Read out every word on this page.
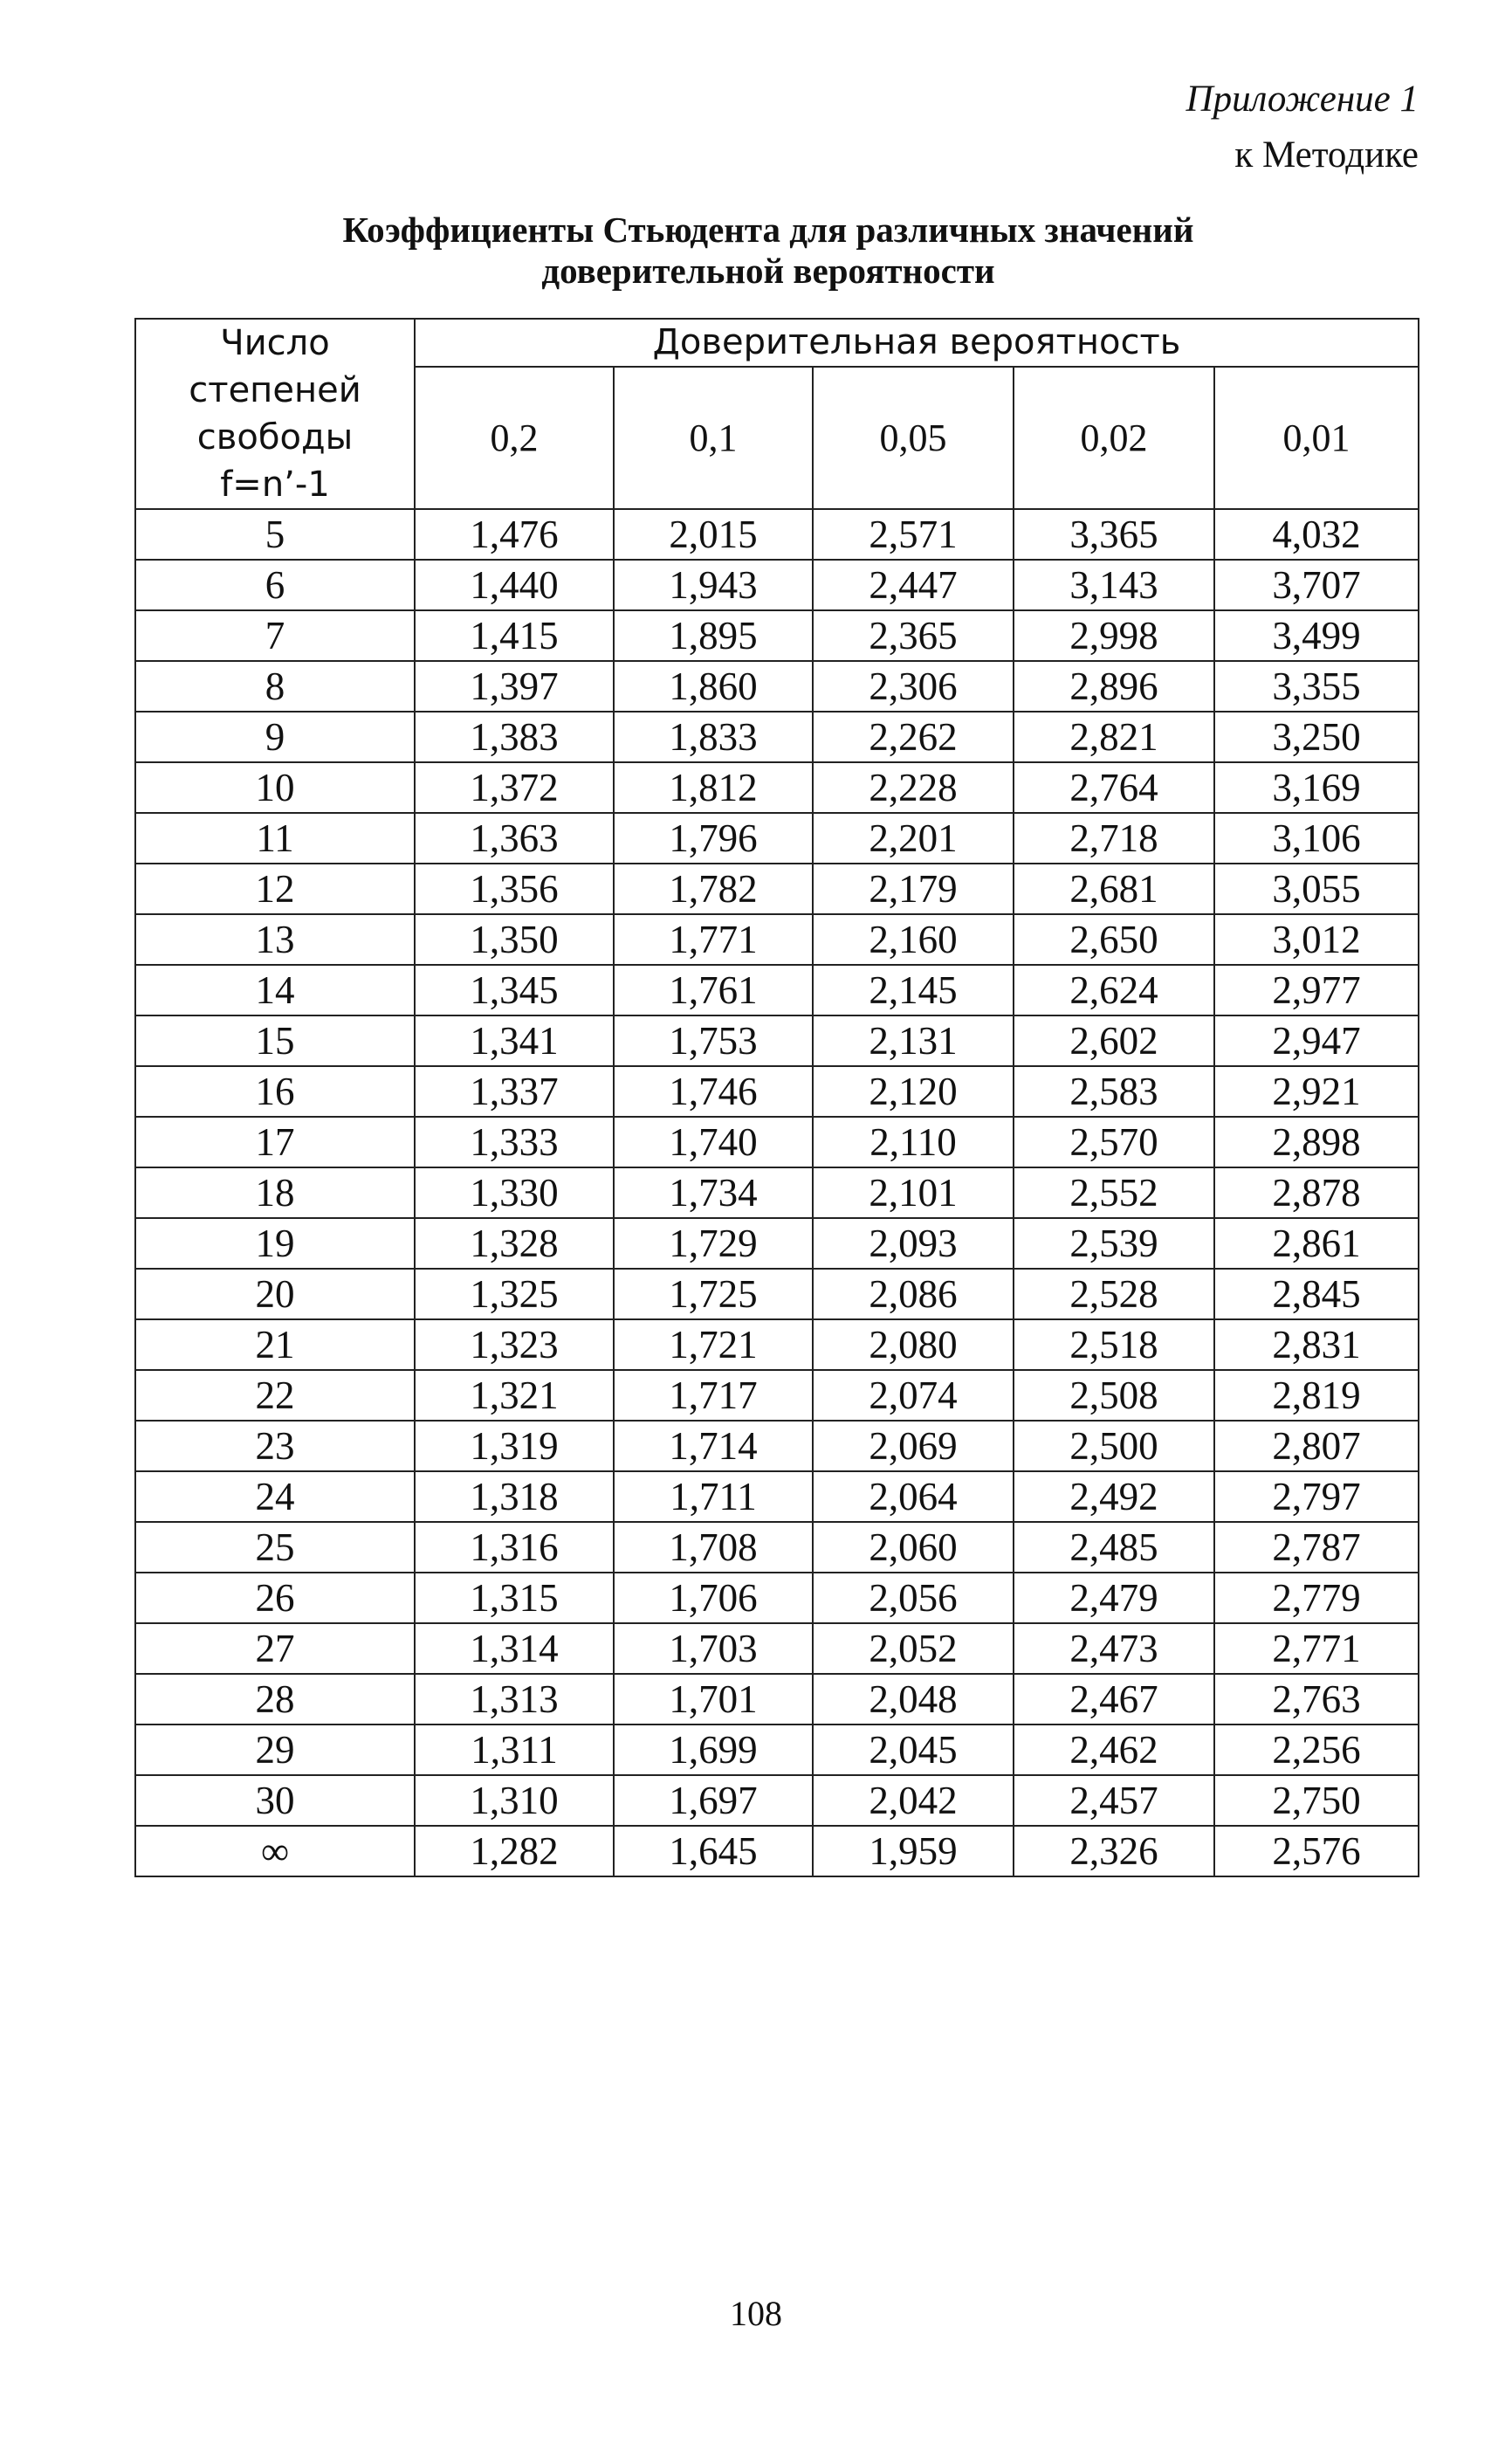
Приложение 1
к Методике
Коэффициенты Стьюдента для различных значений
доверительной вероятности
Число
степеней
свободы
f=n’-1	Доверительная вероятность				
	0,2	0,1	0,05	0,02	0,01
5	1,476	2,015	2,571	3,365	4,032
6	1,440	1,943	2,447	3,143	3,707
7	1,415	1,895	2,365	2,998	3,499
8	1,397	1,860	2,306	2,896	3,355
9	1,383	1,833	2,262	2,821	3,250
10	1,372	1,812	2,228	2,764	3,169
11	1,363	1,796	2,201	2,718	3,106
12	1,356	1,782	2,179	2,681	3,055
13	1,350	1,771	2,160	2,650	3,012
14	1,345	1,761	2,145	2,624	2,977
15	1,341	1,753	2,131	2,602	2,947
16	1,337	1,746	2,120	2,583	2,921
17	1,333	1,740	2,110	2,570	2,898
18	1,330	1,734	2,101	2,552	2,878
19	1,328	1,729	2,093	2,539	2,861
20	1,325	1,725	2,086	2,528	2,845
21	1,323	1,721	2,080	2,518	2,831
22	1,321	1,717	2,074	2,508	2,819
23	1,319	1,714	2,069	2,500	2,807
24	1,318	1,711	2,064	2,492	2,797
25	1,316	1,708	2,060	2,485	2,787
26	1,315	1,706	2,056	2,479	2,779
27	1,314	1,703	2,052	2,473	2,771
28	1,313	1,701	2,048	2,467	2,763
29	1,311	1,699	2,045	2,462	2,256
30	1,310	1,697	2,042	2,457	2,750
∞	1,282	1,645	1,959	2,326	2,576
108
